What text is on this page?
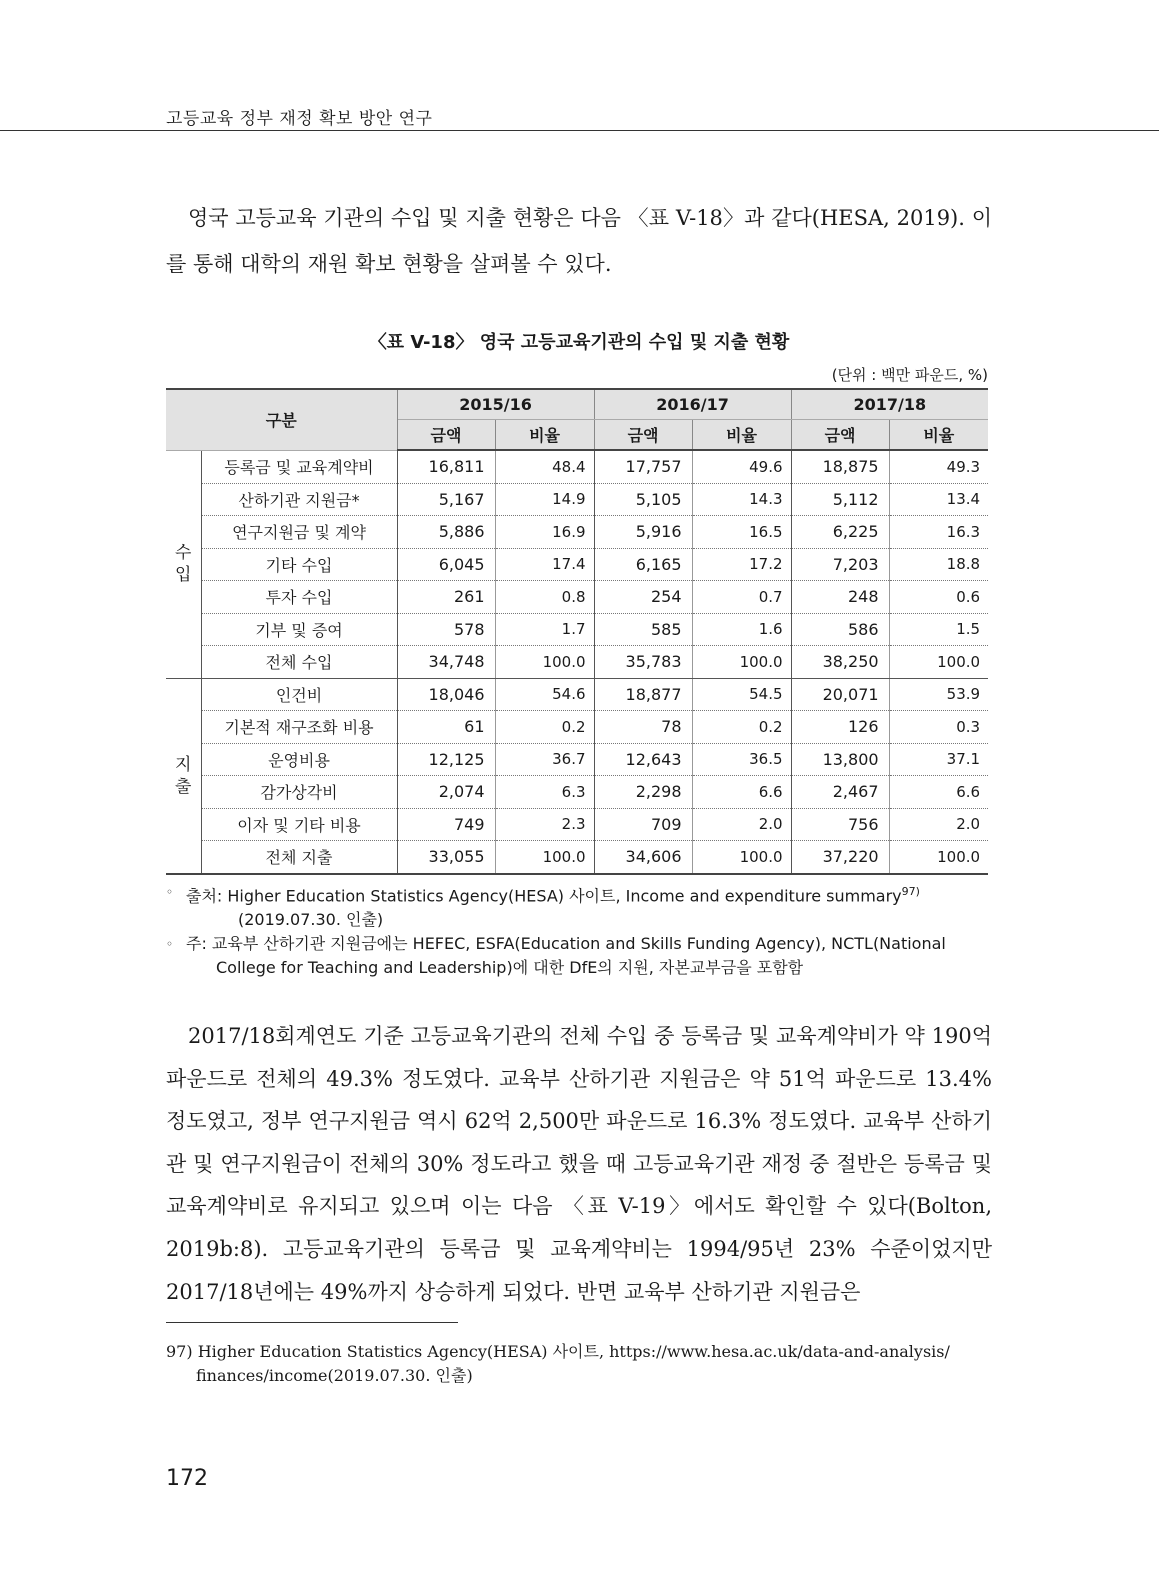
고등교육 정부 재정 확보 방안 연구

영국 고등교육 기관의 수입 및 지출 현황은 다음 〈표 V-18〉과 같다(HESA, 2019). 이를 통해 대학의 재원 확보 현황을 살펴볼 수 있다.

〈표 V-18〉 영국 고등교육기관의 수입 및 지출 현황
(단위 : 백만 파운드, %)
구분		2015/16		2016/17		2017/18	
		금액	비율	금액	비율	금액	비율
수
입	등록금 및 교육계약비	16,811	48.4	17,757	49.6	18,875	49.3
	산하기관 지원금*	5,167	14.9	5,105	14.3	5,112	13.4
	연구지원금 및 계약	5,886	16.9	5,916	16.5	6,225	16.3
	기타 수입	6,045	17.4	6,165	17.2	7,203	18.8
	투자 수입	261	0.8	254	0.7	248	0.6
	기부 및 증여	578	1.7	585	1.6	586	1.5
	전체 수입	34,748	100.0	35,783	100.0	38,250	100.0
지
출	인건비	18,046	54.6	18,877	54.5	20,071	53.9
	기본적 재구조화 비용	61	0.2	78	0.2	126	0.3
	운영비용	12,125	36.7	12,643	36.5	13,800	37.1
	감가상각비	2,074	6.3	2,298	6.6	2,467	6.6
	이자 및 기타 비용	749	2.3	709	2.0	756	2.0
	전체 지출	33,055	100.0	34,606	100.0	37,220	100.0
◦ 출처: Higher Education Statistics Agency(HESA) 사이트, Income and expenditure summary$^{97)}$
(2019.07.30. 인출)
◦ 주: 교육부 산하기관 지원금에는 HEFEC, ESFA(Education and Skills Funding Agency), NCTL(National
College for Teaching and Leadership)에 대한 DfE의 지원, 자본교부금을 포함함

2017/18회계연도 기준 고등교육기관의 전체 수입 중 등록금 및 교육계약비가 약 190억 파운드로 전체의 49.3% 정도였다. 교육부 산하기관 지원금은 약 51억 파운드로 13.4% 정도였고, 정부 연구지원금 역시 62억 2,500만 파운드로 16.3% 정도였다. 교육부 산하기관 및 연구지원금이 전체의 30% 정도라고 했을 때 고등교육기관 재정 중 절반은 등록금 및 교육계약비로 유지되고 있으며 이는 다음 〈표 V-19〉에서도 확인할 수 있다(Bolton, 2019b:8). 고등교육기관의 등록금 및 교육계약비는 1994/95년 23% 수준이었지만 2017/18년에는 49%까지 상승하게 되었다. 반면 교육부 산하기관 지원금은

97) Higher Education Statistics Agency(HESA) 사이트, https://www.hesa.ac.uk/data-and-analysis/
finances/income(2019.07.30. 인출)
172
